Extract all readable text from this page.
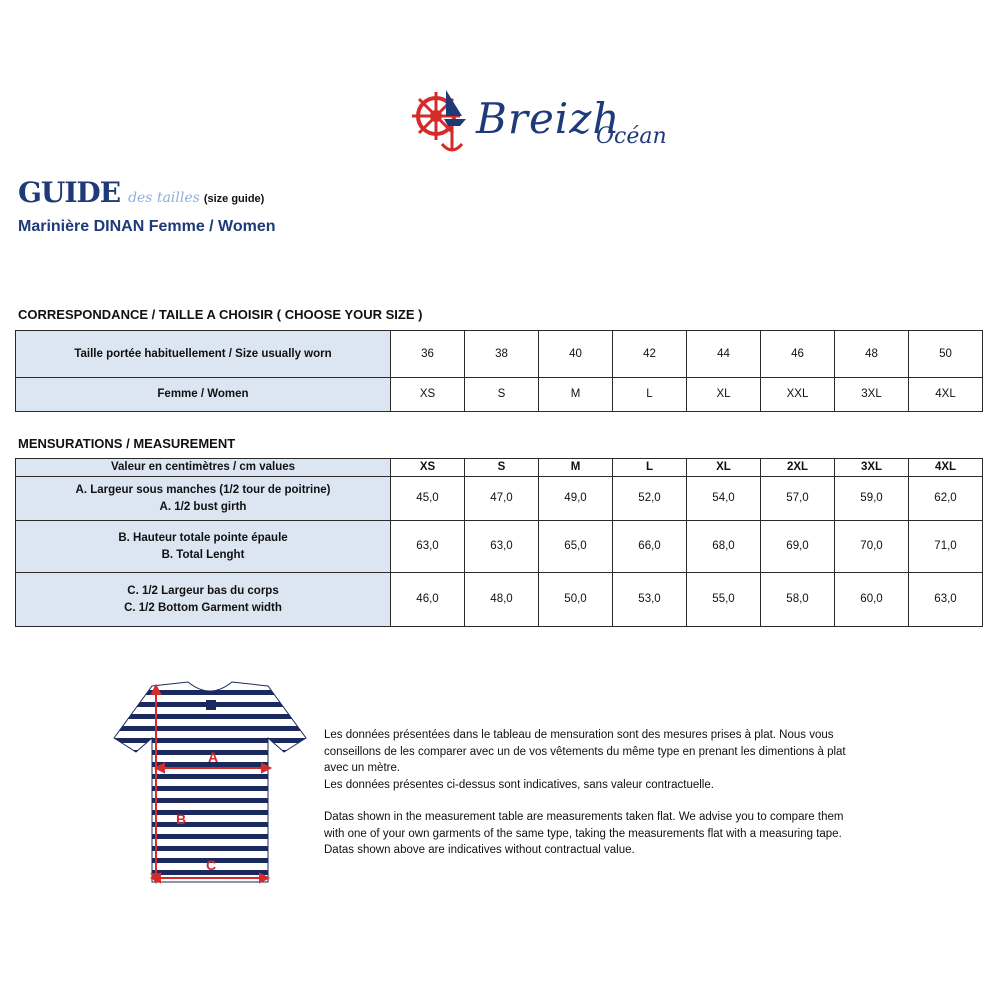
Breizh
Océan
GUIDE des tailles (size guide)
Marinière DINAN Femme / Women
CORRESPONDANCE / TAILLE A CHOISIR ( CHOOSE YOUR SIZE )
Taille portée habituellement / Size usually worn	36	38	40	42	44	46	48	50
Femme / Women	XS	S	M	L	XL	XXL	3XL	4XL
MENSURATIONS / MEASUREMENT
Valeur en centimètres / cm values	XS	S	M	L	XL	2XL	3XL	4XL

A. Largeur sous manches (1/2 tour de poitrine)
A. 1/2 bust girth	45,0	47,0	49,0	52,0	54,0	57,0	59,0	62,0

B. Hauteur totale pointe épaule
B. Total Lenght	63,0	63,0	65,0	66,0	68,0	69,0	70,0	71,0

C. 1/2 Largeur bas du corps
C. 1/2 Bottom Garment width	46,0	48,0	50,0	53,0	55,0	58,0	60,0	63,0
A
B
C

Les données présentées dans le tableau de mensuration sont des mesures prises à plat. Nous vous
conseillons de les comparer avec un de vos vêtements du même type en prenant les dimentions à plat
avec un mètre.
Les données présentes ci-dessus sont indicatives, sans valeur contractuelle.

Datas shown in the measurement table are measurements taken flat. We advise you to compare them
with one of your own garments of the same type, taking the measurements flat with a measuring tape.
Datas shown above are indicatives without contractual value.
